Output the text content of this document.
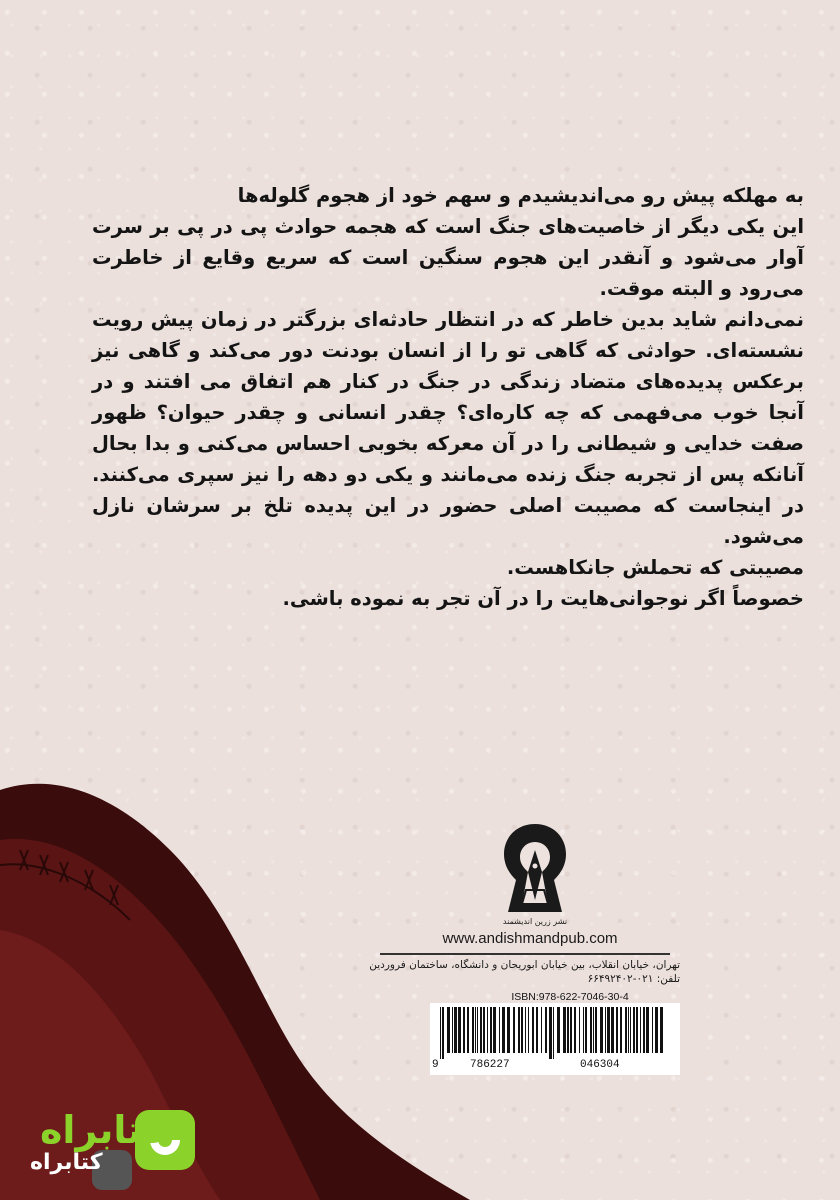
به مهلکه پیش رو می‌اندیشیدم و سهم خود از هجوم گلوله‌ها

این یکی دیگر از خاصیت‌های جنگ است که هجمه حوادث پی در پی بر سرت آوار می‌شود و آنقدر این هجوم سنگین است که سریع وقایع از خاطرت می‌رود و البته موقت.

نمی‌دانم شاید بدین خاطر که در انتظار حادثه‌ای بزرگتر در زمان پیش رویت نشسته‌ای. حوادثی که گاهی تو را از انسان بودنت دور می‌کند و گاهی نیز برعکس پدیده‌های متضاد زندگی در جنگ در کنار هم اتفاق می افتند و در آنجا خوب می‌فهمی که چه کاره‌ای؟ چقدر انسانی و چقدر حیوان؟ ظهور صفت خدایی و شیطانی را در آن معرکه بخوبی احساس می‌کنی و بدا بحال آنانکه پس از تجربه جنگ زنده می‌مانند و یکی دو دهه را نیز سپری می‌کنند. در اینجاست که مصیبت اصلی حضور در این پدیده تلخ بر سرشان نازل می‌شود.

مصیبتی که تحملش جانکاهست.

خصوصاً اگر نوجوانی‌هایت را در آن تجر به نموده باشی.

نشر زرین اندیشمند
www.andishmandpub.com
تهران، خیابان انقلاب، بین خیابان ابوریحان و دانشگاه، ساختمان فروردین
تلفن: ۰۲۱-۶۶۴۹۲۴۰۲
ISBN:978-622-7046-30-4
9	786227	046304
کتابراه
کتابراه
